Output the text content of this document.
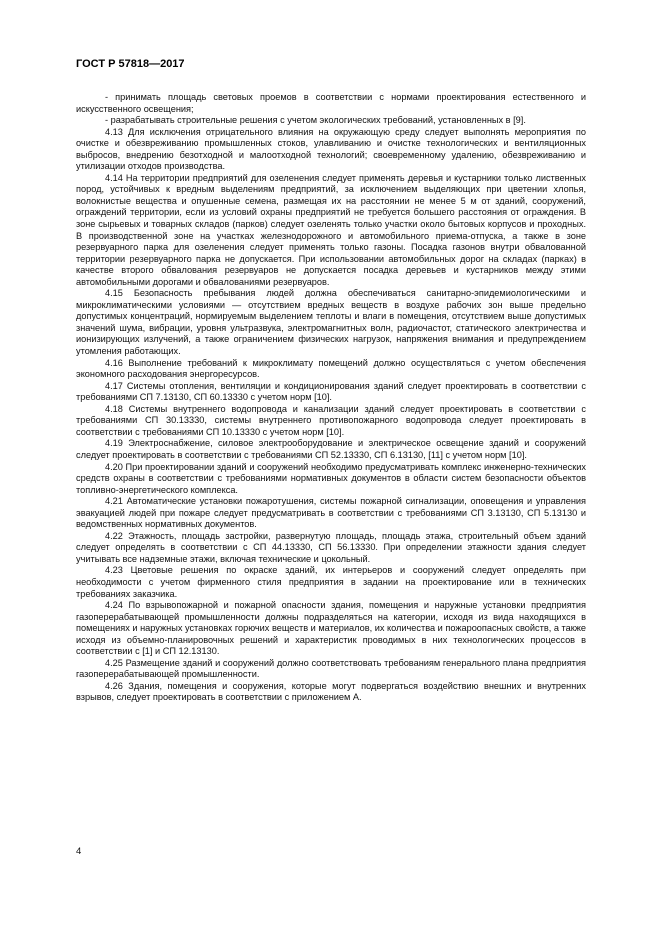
ГОСТ Р 57818—2017

- принимать площадь световых проемов в соответствии с нормами проектирования естественного и искусственного освещения;

- разрабатывать строительные решения с учетом экологических требований, установленных в [9].

4.13 Для исключения отрицательного влияния на окружающую среду следует выполнять мероприятия по очистке и обезвреживанию промышленных стоков, улавливанию и очистке технологических и вентиляционных выбросов, внедрению безотходной и малоотходной технологий; своевременному удалению, обезвреживанию и утилизации отходов производства.

4.14 На территории предприятий для озеленения следует применять деревья и кустарники только лиственных пород, устойчивых к вредным выделениям предприятий, за исключением выделяющих при цветении хлопья, волокнистые вещества и опушенные семена, размещая их на расстоянии не менее 5 м от зданий, сооружений, ограждений территории, если из условий охраны предприятий не требуется большего расстояния от ограждения. В зоне сырьевых и товарных складов (парков) следует озеленять только участки около бытовых корпусов и проходных. В производственной зоне на участках железнодорожного и автомобильного приема-отпуска, а также в зоне резервуарного парка для озеленения следует применять только газоны. Посадка газонов внутри обвалованной территории резервуарного парка не допускается. При использовании автомобильных дорог на складах (парках) в качестве второго обвалования резервуаров не допускается посадка деревьев и кустарников между этими автомобильными дорогами и обвалованиями резервуаров.

4.15 Безопасность пребывания людей должна обеспечиваться санитарно-эпидемиологическими и микроклиматическими условиями — отсутствием вредных веществ в воздухе рабочих зон выше предельно допустимых концентраций, нормируемым выделением теплоты и влаги в помещения, отсутствием выше допустимых значений шума, вибрации, уровня ультразвука, электромагнитных волн, радиочастот, статического электричества и ионизирующих излучений, а также ограничением физических нагрузок, напряжения внимания и предупреждением утомления работающих.

4.16 Выполнение требований к микроклимату помещений должно осуществляться с учетом обеспечения экономного расходования энергоресурсов.

4.17 Системы отопления, вентиляции и кондиционирования зданий следует проектировать в соответствии с требованиями СП 7.13130, СП 60.13330 с учетом норм [10].

4.18 Системы внутреннего водопровода и канализации зданий следует проектировать в соответствии с требованиями СП 30.13330, системы внутреннего противопожарного водопровода следует проектировать в соответствии с требованиями СП 10.13330 с учетом норм [10].

4.19 Электроснабжение, силовое электрооборудование и электрическое освещение зданий и сооружений следует проектировать в соответствии с требованиями СП 52.13330, СП 6.13130, [11] с учетом норм [10].

4.20 При проектировании зданий и сооружений необходимо предусматривать комплекс инженерно-технических средств охраны в соответствии с требованиями нормативных документов в области систем безопасности объектов топливно-энергетического комплекса.

4.21 Автоматические установки пожаротушения, системы пожарной сигнализации, оповещения и управления эвакуацией людей при пожаре следует предусматривать в соответствии с требованиями СП 3.13130, СП 5.13130 и ведомственных нормативных документов.

4.22 Этажность, площадь застройки, развернутую площадь, площадь этажа, строительный объем зданий следует определять в соответствии с СП 44.13330, СП 56.13330. При определении этажности здания следует учитывать все надземные этажи, включая технические и цокольный.

4.23 Цветовые решения по окраске зданий, их интерьеров и сооружений следует определять при необходимости с учетом фирменного стиля предприятия в задании на проектирование или в технических требованиях заказчика.

4.24 По взрывопожарной и пожарной опасности здания, помещения и наружные установки предприятия газоперерабатывающей промышленности должны подразделяться на категории, исходя из вида находящихся в помещениях и наружных установках горючих веществ и материалов, их количества и пожароопасных свойств, а также исходя из объемно-планировочных решений и характеристик проводимых в них технологических процессов в соответствии с [1] и СП 12.13130.

4.25 Размещение зданий и сооружений должно соответствовать требованиям генерального плана предприятия газоперерабатывающей промышленности.

4.26 Здания, помещения и сооружения, которые могут подвергаться воздействию внешних и внутренних взрывов, следует проектировать в соответствии с приложением А.

4
